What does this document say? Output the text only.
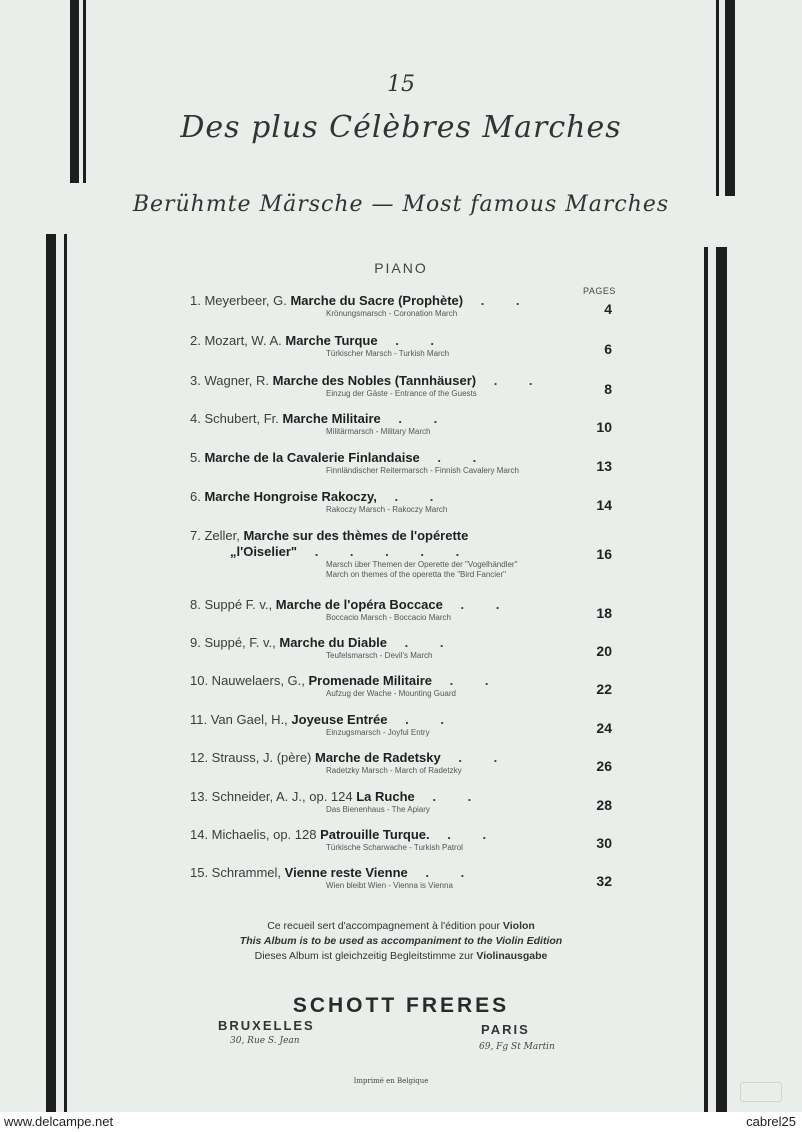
15
Des plus Célèbres Marches
Berühmte Märsche — Most famous Marches
PIANO
PAGES
1. Meyerbeer, G. Marche du Sacre (Prophète) . .
Krönungsmarsch - Coronation March	4
2. Mozart, W. A. Marche Turque . .
Türkischer Marsch - Turkish March	6
3. Wagner, R. Marche des Nobles (Tannhäuser) . .
Einzug der Gäste - Entrance of the Guests	8
4. Schubert, Fr. Marche Militaire . .
Militärmarsch - Military March	10
5. Marche de la Cavalerie Finlandaise . .
Finnländischer Reitermarsch - Finnish Cavalery March	13
6. Marche Hongroise Rakoczy, . .
Rakoczy Marsch - Rakoczy March	14
7. Zeller, Marche sur des thèmes de l'opérette
„l'Oiselier" . . . . .
Marsch über Themen der Operette der "Vogelhändler"
March on themes of the operetta the "Bird Fancier"
16
8. Suppé F. v., Marche de l'opéra Boccace . .
Boccacio Marsch - Boccacio March	18
9. Suppé, F. v., Marche du Diable . .
Teufelsmarsch - Devil's March	20
10. Nauwelaers, G., Promenade Militaire . .
Aufzug der Wache - Mounting Guard	22
11. Van Gael, H., Joyeuse Entrée . .
Einzugsmarsch - Joyful Entry	24
12. Strauss, J. (père) Marche de Radetsky . .
Radetzky Marsch - March of Radetzky	26
13. Schneider, A. J., op. 124 La Ruche . .
Das Bienenhaus - The Apiary	28
14. Michaelis, op. 128 Patrouille Turque. . .
Türkische Scharwache - Turkish Patrol	30
15. Schrammel, Vienne reste Vienne . .
Wien bleibt Wien - Vienna is Vienna	32
Ce recueil sert d'accompagnement à l'édition pour Violon
This Album is to be used as accompaniment to the Violin Edition
Dieses Album ist gleichzeitig Begleitstimme zur Violinausgabe
SCHOTT FRERES
BRUXELLES
30, Rue S. Jean
PARIS
69, Fg St Martin
Imprimé en Belgique
www.delcampe.net	cabrel25
